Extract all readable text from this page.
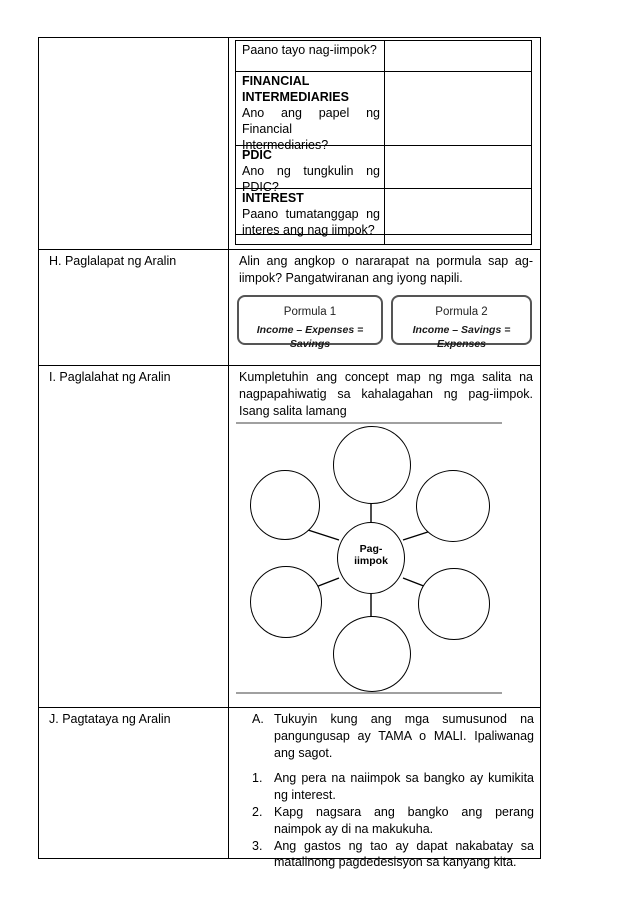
Paano tayo nag-iimpok?
FINANCIAL INTERMEDIARIES
Ano ang papel ng Financial Intermediaries?
PDIC
Ano ng tungkulin ng PDIC?
INTEREST
Paano tumatanggap ng interes ang nag iimpok?
H. Paglalapat ng Aralin	Alin ang angkop o nararapat na pormula sap ag-iimpok? Pangatwiranan ang iyong napili.
I. Paglalahat ng Aralin	Kumpletuhin ang concept map ng mga salita na nagpapahiwatig sa kahalagahan ng pag-iimpok. Isang salita lamang
J. Pagtataya ng Aralin
Pormula 1
Income – Expenses = Savings
Pormula 2
Income – Savings = Expenses
Pag-
iimpok
A. Tukuyin kung ang mga sumusunod na pangungusap ay TAMA o MALI. Ipaliwanag ang sagot.
1. Ang pera na naiimpok sa bangko ay kumikita ng interest.
2. Kapg nagsara ang bangko ang perang naimpok ay di na makukuha.
3. Ang gastos ng tao ay dapat nakabatay sa matalinong pagdedesisyon sa kanyang kita.
